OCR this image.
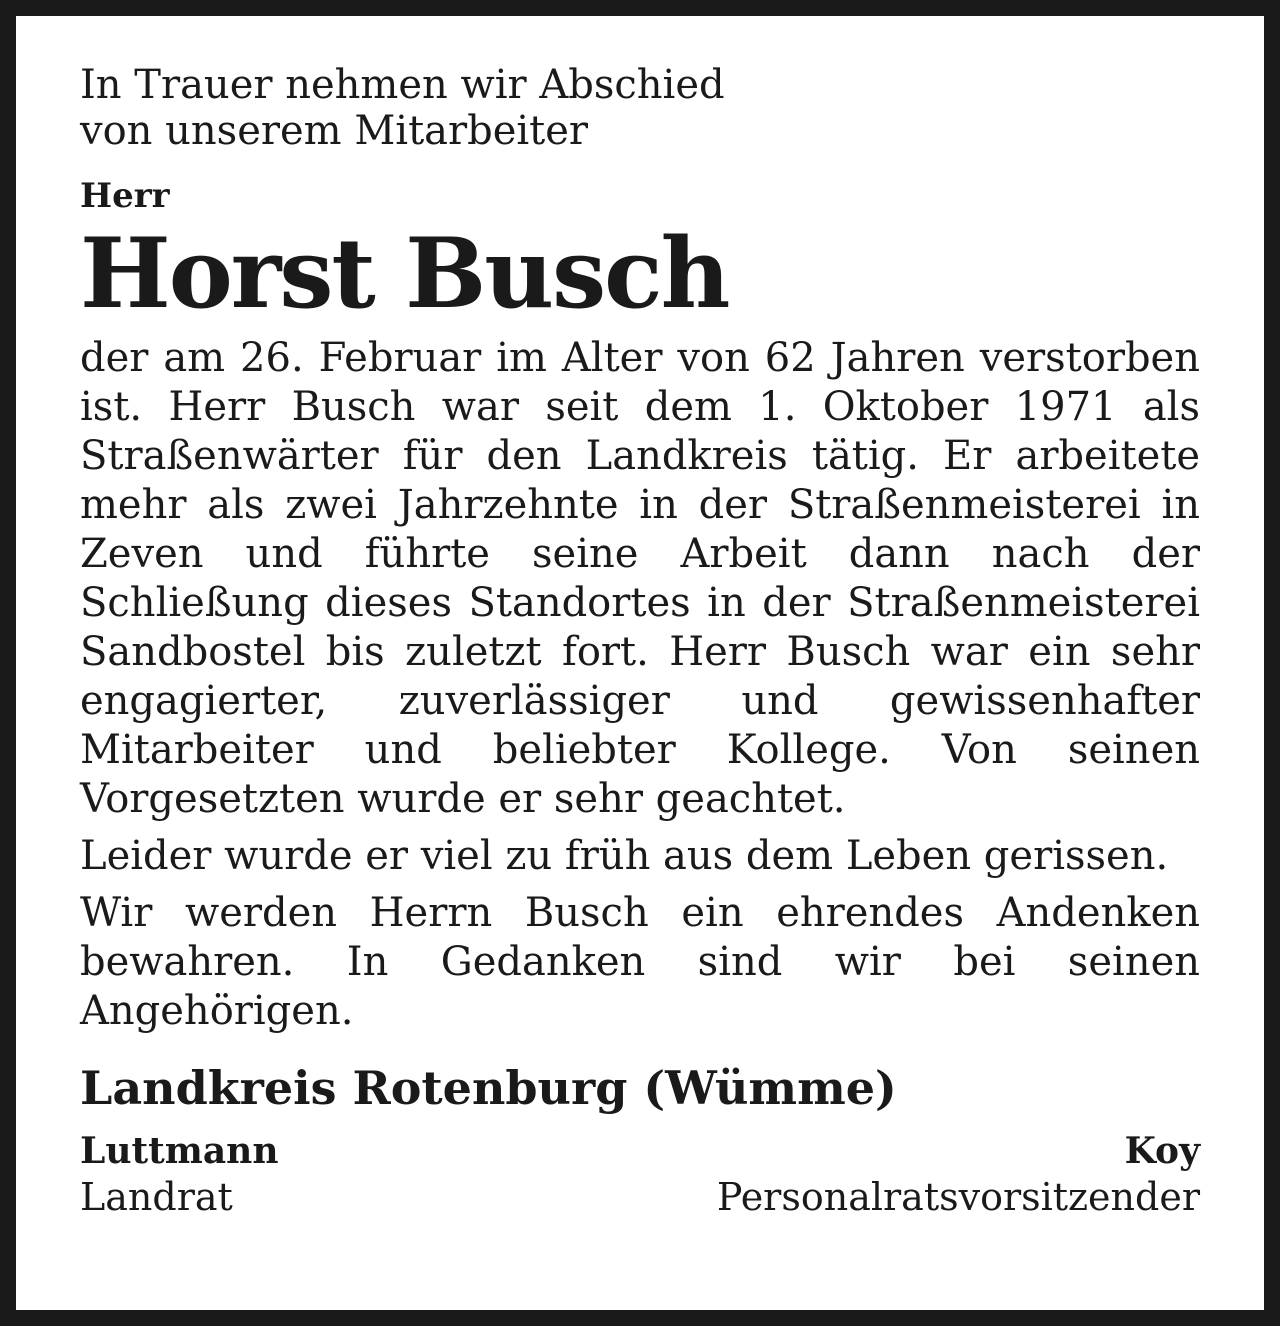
In Trauer nehmen wir Abschied
von unserem Mitarbeiter

Herr
Horst Busch

der am 26. Februar im Alter von 62 Jahren verstorben ist. Herr Busch war seit dem 1. Oktober 1971 als Straßenwärter für den Landkreis tätig. Er arbeitete mehr als zwei Jahrzehnte in der Straßenmeisterei in Zeven und führte seine Arbeit dann nach der Schließung dieses Standortes in der Straßenmeisterei Sandbostel bis zuletzt fort. Herr Busch war ein sehr engagierter, zuverlässiger und gewissenhafter Mitarbeiter und beliebter Kollege. Von seinen Vorgesetzten wurde er sehr geachtet.

Leider wurde er viel zu früh aus dem Leben gerissen.

Wir werden Herrn Busch ein ehrendes Andenken bewahren. In Gedanken sind wir bei seinen Angehörigen.

Landkreis Rotenburg (Wümme)
Luttmann
Landrat
Koy
Personalratsvorsitzender
